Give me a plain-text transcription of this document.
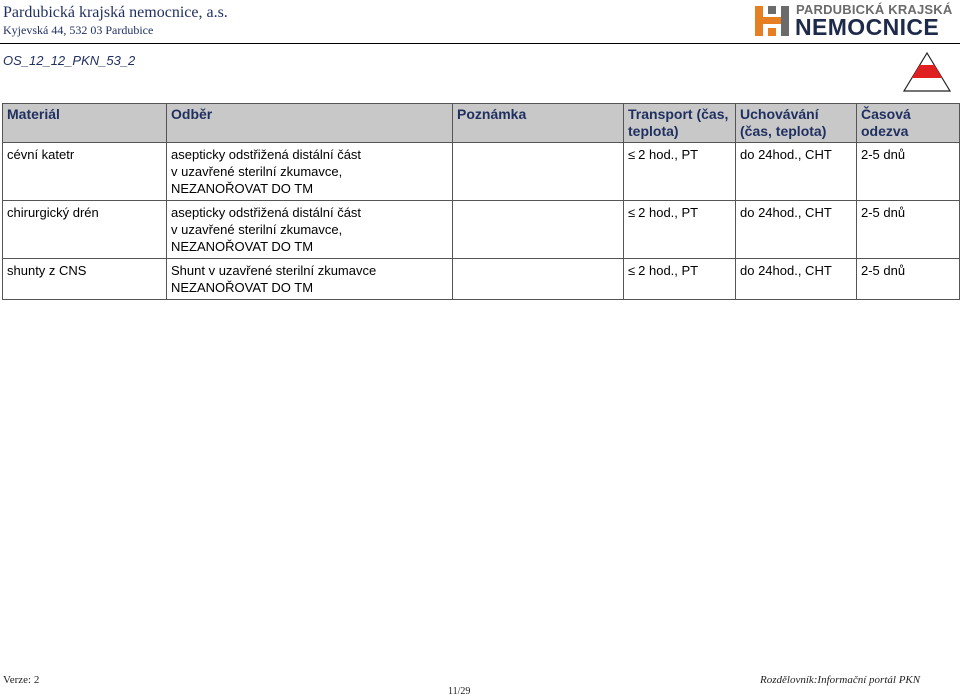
Pardubická krajská nemocnice, a.s.
Kyjevská 44, 532 03 Pardubice
PARDUBICKÁ KRAJSKÁ
NEMOCNICE
OS_12_12_PKN_53_2
Materiál	Odběr	Poznámka	Transport (čas, teplota)	Uchovávání (čas, teplota)	Časová odezva
cévní katetr	asepticky odstřižená distální část
v uzavřené sterilní zkumavce,
NEZANOŘOVAT DO TM		≤ 2 hod., PT	do 24hod., CHT	2-5 dnů
chirurgický drén	asepticky odstřižená distální část
v uzavřené sterilní zkumavce,
NEZANOŘOVAT DO TM		≤ 2 hod., PT	do 24hod., CHT	2-5 dnů
shunty z CNS	Shunt v uzavřené sterilní zkumavce
NEZANOŘOVAT DO TM		≤ 2 hod., PT	do 24hod., CHT	2-5 dnů
Verze: 2
11/29
Rozdělovník:Informační portál PKN
